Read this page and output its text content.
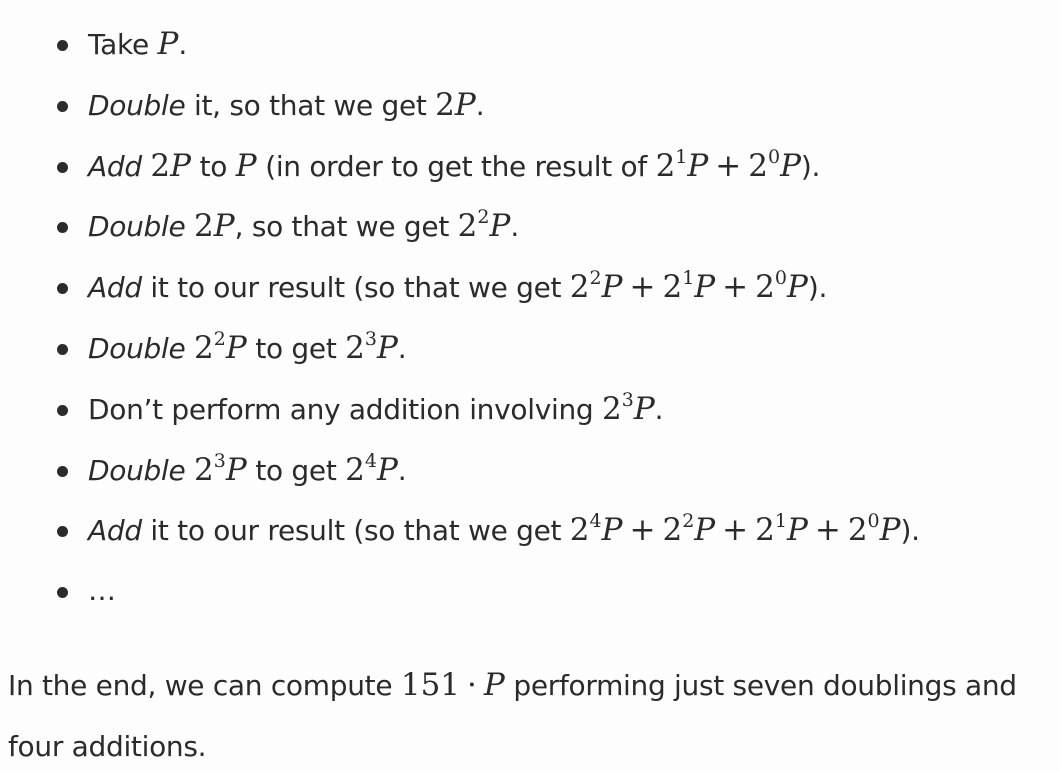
Take P.
Double it, so that we get 2P.
Add 2P to P (in order to get the result of $2^1P + 2^0P$).
Double 2P, so that we get $2^2P$.
Add it to our result (so that we get $2^2P + 2^1P + 2^0P$).
Double $2^2P$ to get $2^3P$.
Don’t perform any addition involving $2^3P$.
Double $2^3P$ to get $2^4P$.
Add it to our result (so that we get $2^4P + 2^2P + 2^1P + 2^0P$).
…

In the end, we can compute 151 · P performing just seven doublings and four additions.
